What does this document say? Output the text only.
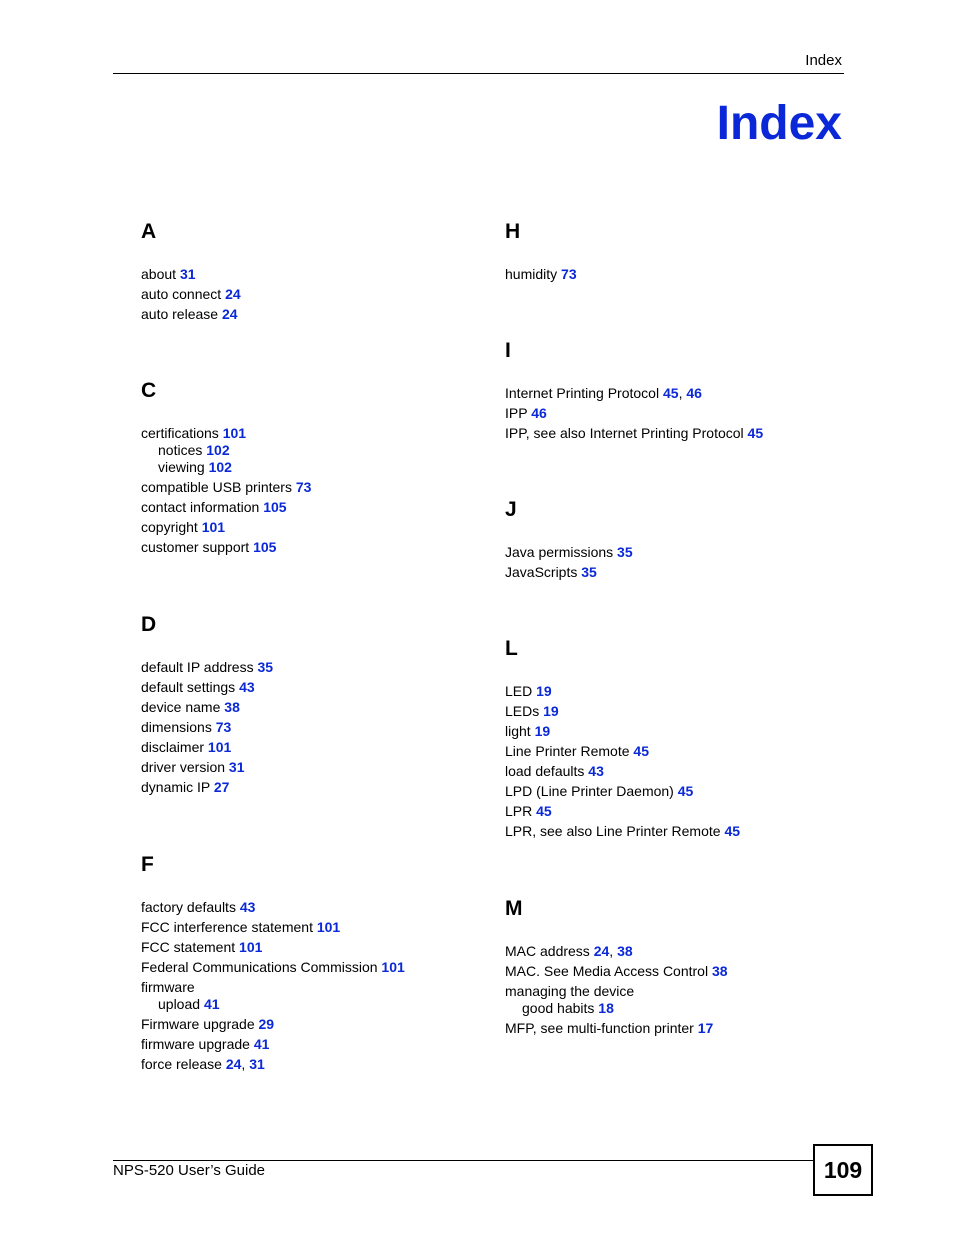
Index
Index
A
about 31
auto connect 24
auto release 24
C
certifications 101
notices 102
viewing 102
compatible USB printers 73
contact information 105
copyright 101
customer support 105
D
default IP address 35
default settings 43
device name 38
dimensions 73
disclaimer 101
driver version 31
dynamic IP 27
F
factory defaults 43
FCC interference statement 101
FCC statement 101
Federal Communications Commission 101
firmware
upload 41
Firmware upgrade 29
firmware upgrade 41
force release 24, 31
H
humidity 73
I
Internet Printing Protocol 45, 46
IPP 46
IPP, see also Internet Printing Protocol 45
J
Java permissions 35
JavaScripts 35
L
LED 19
LEDs 19
light 19
Line Printer Remote 45
load defaults 43
LPD (Line Printer Daemon) 45
LPR 45
LPR, see also Line Printer Remote 45
M
MAC address 24, 38
MAC. See Media Access Control 38
managing the device
good habits 18
MFP, see multi-function printer 17
NPS-520 User’s Guide	109
